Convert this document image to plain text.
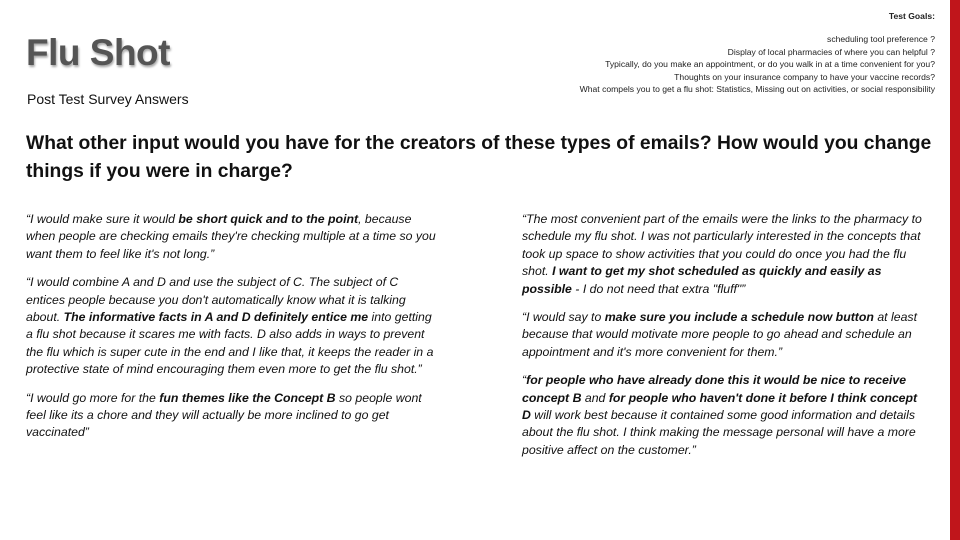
Flu Shot
Post Test Survey Answers
Test Goals:
scheduling tool preference ?
Display of local pharmacies of where you can helpful ?
Typically, do you make an appointment, or do you walk in at a time convenient for you?
Thoughts on your insurance company to have your vaccine records?
What compels you to get a flu shot: Statistics, Missing out on activities, or social responsibility
What other input would you have for the creators of these types of emails? How would you change things if you were in charge?

“I would make sure it would be short quick and to the point, because when people are checking emails they're checking multiple at a time so you want them to feel like it's not long.”

“I would combine A and D and use the subject of C. The subject of C entices people because you don't automatically know what it is talking about. The informative facts in A and D definitely entice me into getting a flu shot because it scares me with facts. D also adds in ways to prevent the flu which is super cute in the end and I like that, it keeps the reader in a protective state of mind encouraging them even more to get the flu shot.”

“I would go more for the fun themes like the Concept B so people wont feel like its a chore and they will actually be more inclined to go get vaccinated”

“The most convenient part of the emails were the links to the pharmacy to schedule my flu shot. I was not particularly interested in the concepts that took up space to show activities that you could do once you had the flu shot. I want to get my shot scheduled as quickly and easily as possible - I do not need that extra "fluff"”

“I would say to make sure you include a schedule now button at least because that would motivate more people to go ahead and schedule an appointment and it's more convenient for them.”

“for people who have already done this it would be nice to receive concept B and for people who haven't done it before I think concept D will work best because it contained some good information and details about the flu shot. I think making the message personal will have a more positive affect on the customer.”
